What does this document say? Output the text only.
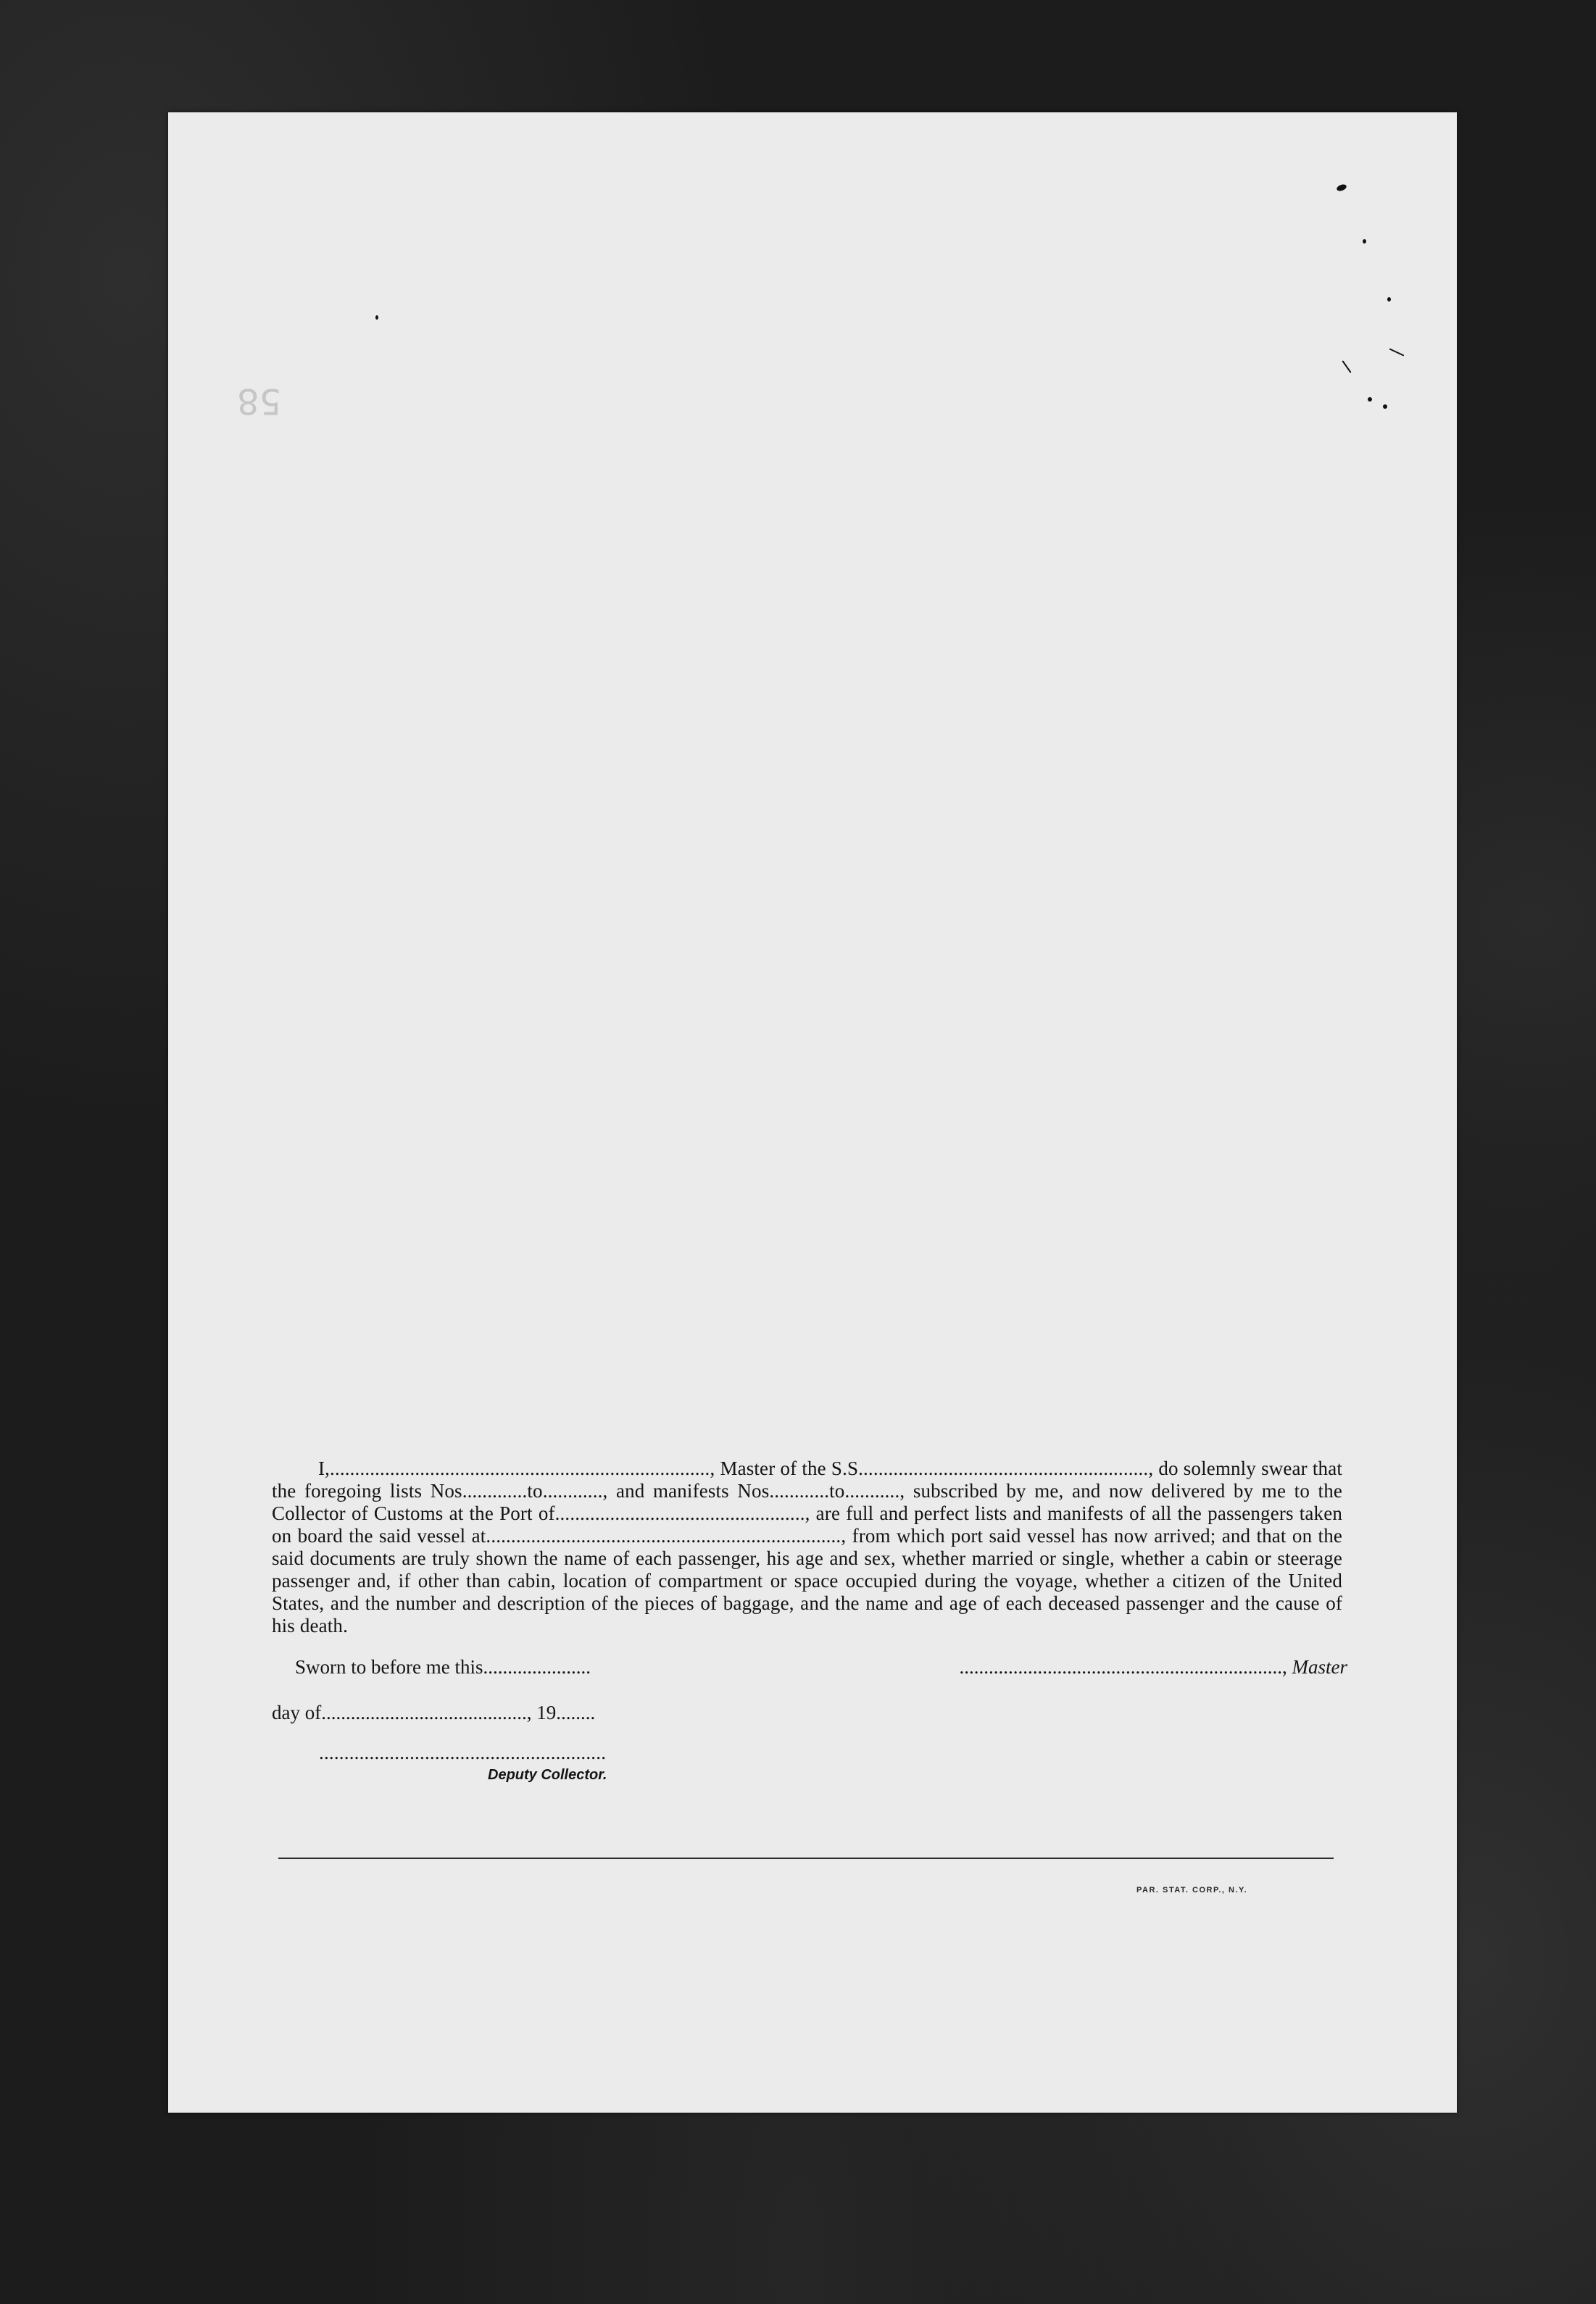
58
I,............................................................................, Master of the S.S.........................................................., do solemnly swear that the foregoing lists Nos.............to............, and manifests Nos............to..........., subscribed by me, and now delivered by me to the Collector of Customs at the Port of.................................................., are full and perfect lists and manifests of all the passengers taken on board the said vessel at......................................................................., from which port said vessel has now arrived; and that on the said documents are truly shown the name of each passenger, his age and sex, whether married or single, whether a cabin or steerage passenger and, if other than cabin, location of compartment or space occupied during the voyage, whether a citizen of the United States, and the number and description of the pieces of baggage, and the name and age of each deceased passenger and the cause of his death.
Sworn to before me this......................	.................................................................., Master
day of.........................................., 19........
.........................................................
Deputy Collector.
PAR. STAT. CORP., N.Y.
